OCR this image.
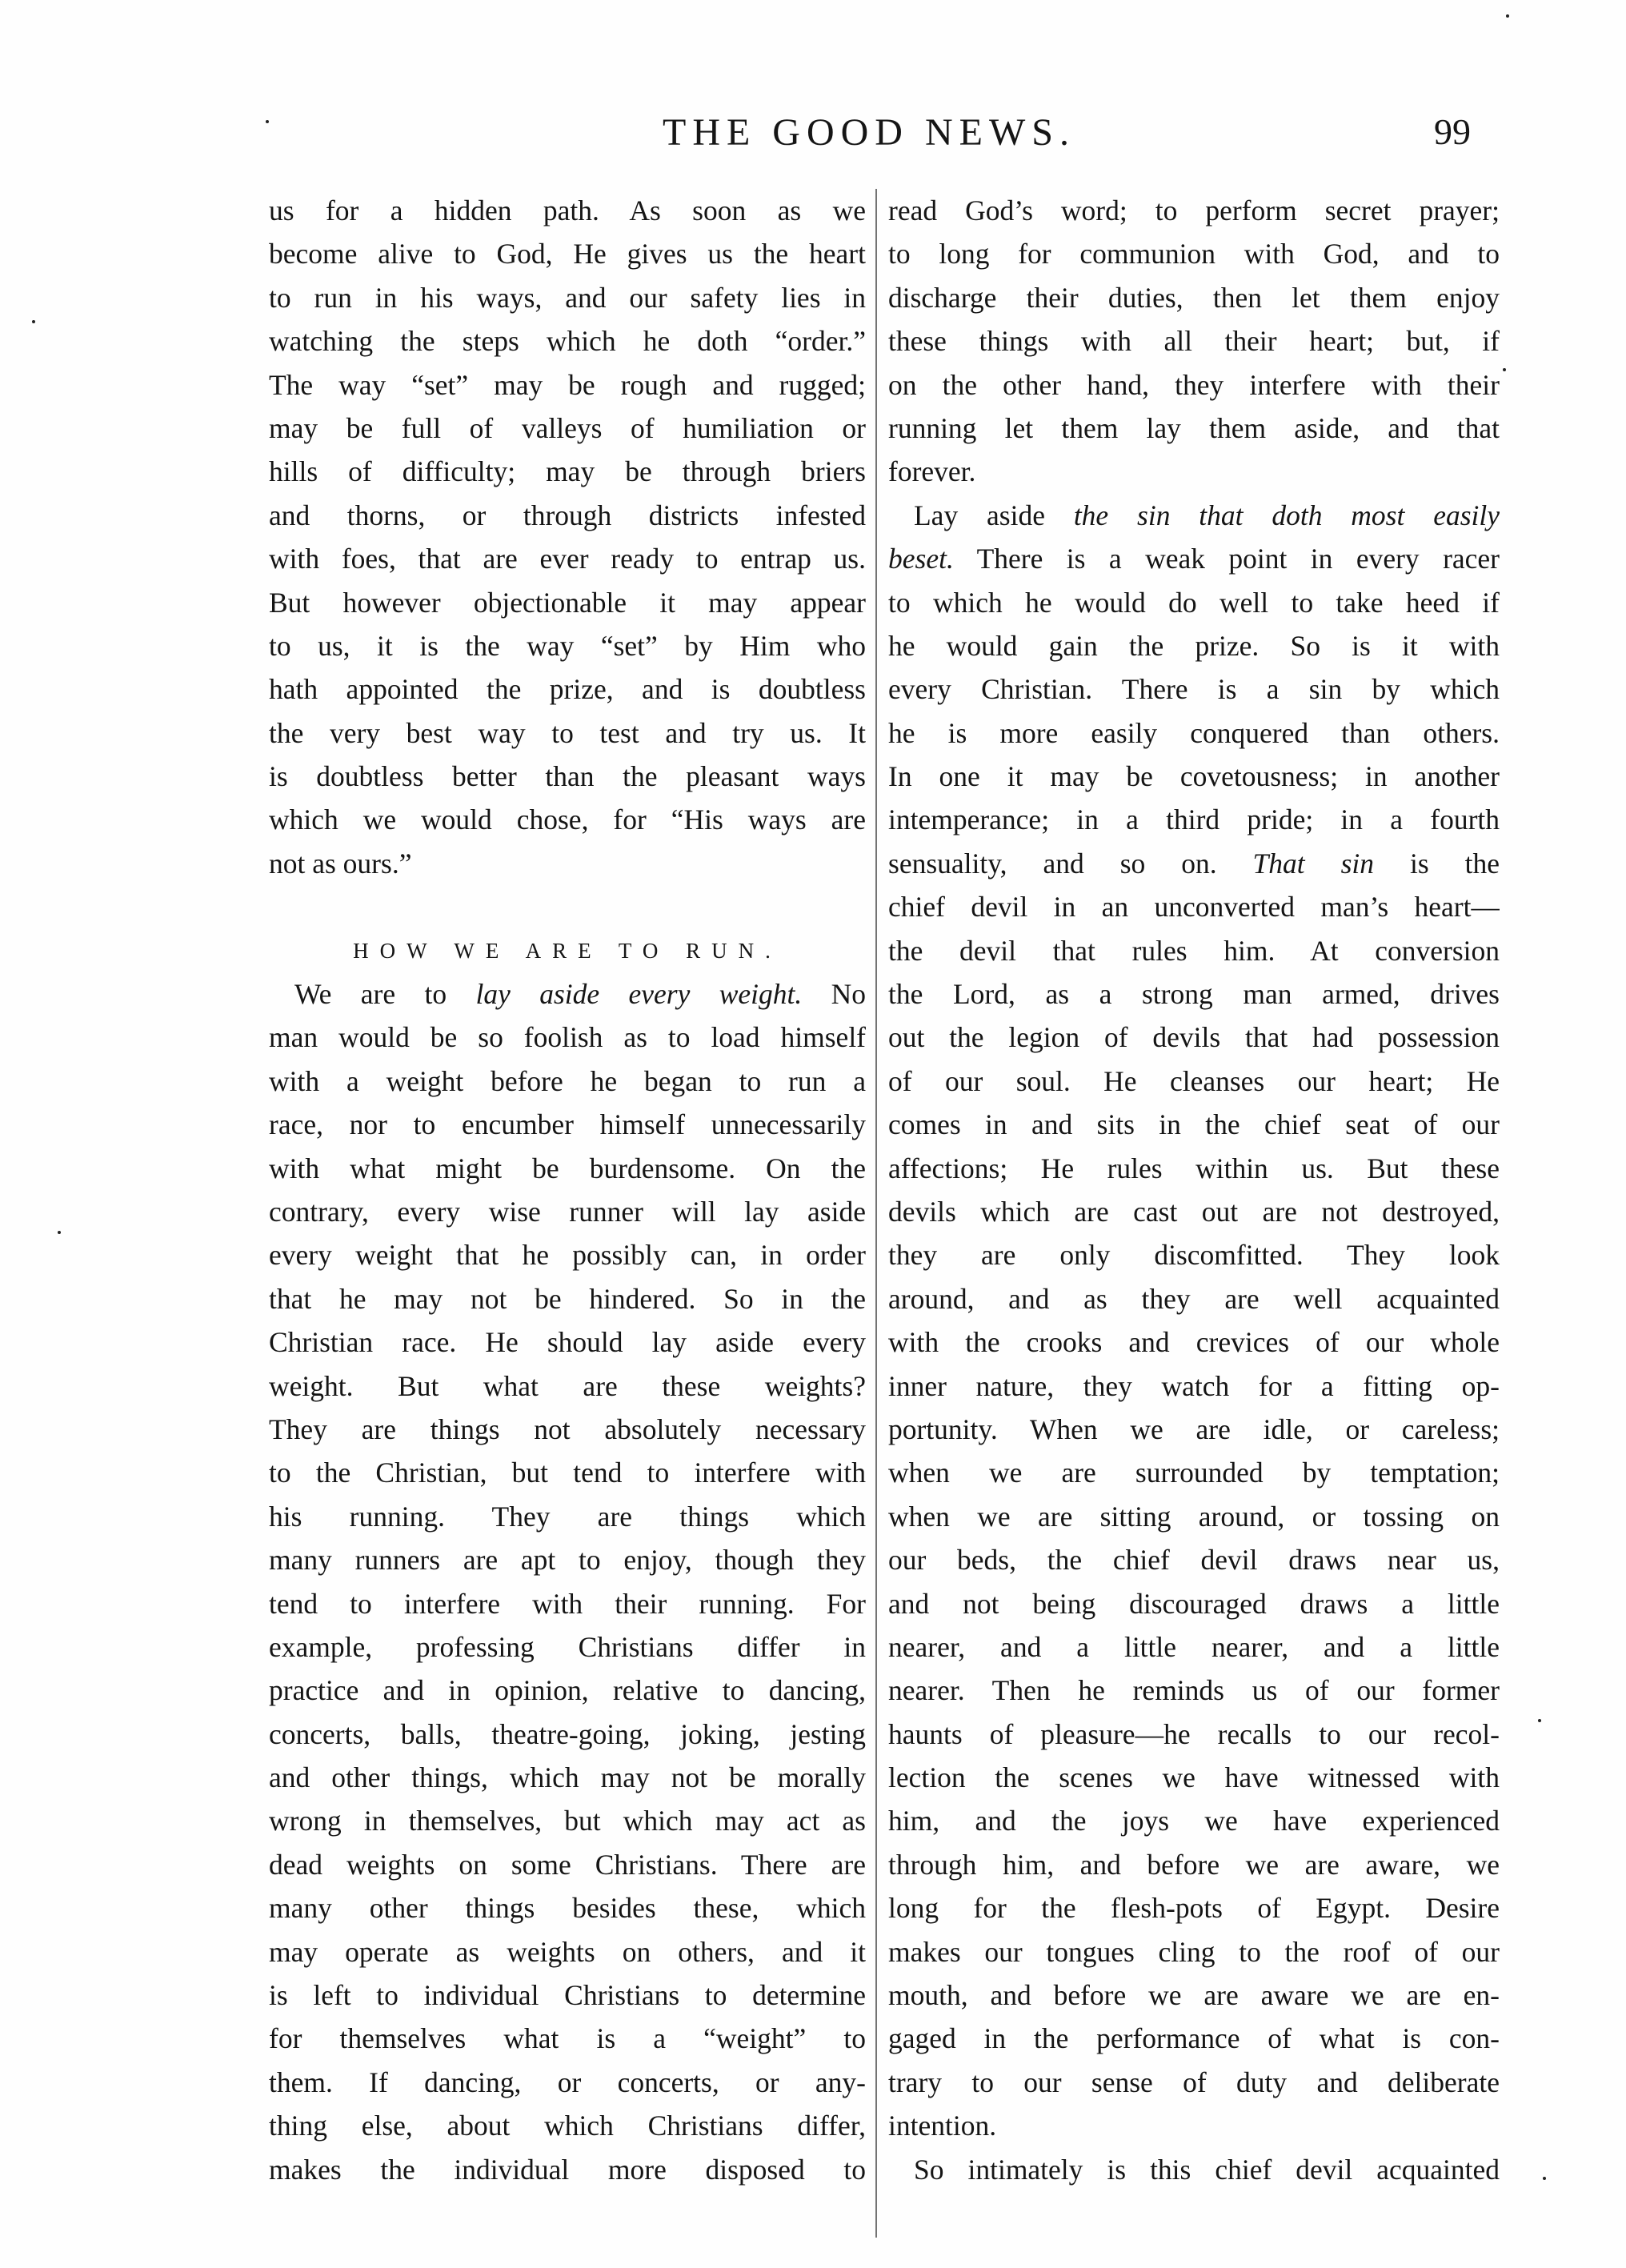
THE GOOD NEWS.	99
us for a hidden path. As soon as we
become alive to God, He gives us the heart
to run in his ways, and our safety lies in
watching the steps which he doth “order.”
The way “set” may be rough and rugged;
may be full of valleys of humiliation or
hills of difficulty; may be through briers
and thorns, or through districts infested
with foes, that are ever ready to entrap us.
But however objectionable it may appear
to us, it is the way “set” by Him who
hath appointed the prize, and is doubtless
the very best way to test and try us. It
is doubtless better than the pleasant ways
which we would chose, for “His ways are
not as ours.”
HOW WE ARE TO RUN.
We are to lay aside every weight. No
man would be so foolish as to load himself
with a weight before he began to run a
race, nor to encumber himself unnecessarily
with what might be burdensome. On the
contrary, every wise runner will lay aside
every weight that he possibly can, in order
that he may not be hindered. So in the
Christian race. He should lay aside every
weight. But what are these weights?
They are things not absolutely necessary
to the Christian, but tend to interfere with
his running. They are things which
many runners are apt to enjoy, though they
tend to interfere with their running. For
example, professing Christians differ in
practice and in opinion, relative to dancing,
concerts, balls, theatre-going, joking, jesting
and other things, which may not be morally
wrong in themselves, but which may act as
dead weights on some Christians. There are
many other things besides these, which
may operate as weights on others, and it
is left to individual Christians to determine
for themselves what is a “weight” to
them. If dancing, or concerts, or any-
thing else, about which Christians differ,
makes the individual more disposed to
read God’s word; to perform secret prayer;
to long for communion with God, and to
discharge their duties, then let them enjoy
these things with all their heart; but, if
on the other hand, they interfere with their
running let them lay them aside, and that
forever.
Lay aside the sin that doth most easily
beset. There is a weak point in every racer
to which he would do well to take heed if
he would gain the prize. So is it with
every Christian. There is a sin by which
he is more easily conquered than others.
In one it may be covetousness; in another
intemperance; in a third pride; in a fourth
sensuality, and so on. That sin is the
chief devil in an unconverted man’s heart—
the devil that rules him. At conversion
the Lord, as a strong man armed, drives
out the legion of devils that had possession
of our soul. He cleanses our heart; He
comes in and sits in the chief seat of our
affections; He rules within us. But these
devils which are cast out are not destroyed,
they are only discomfitted. They look
around, and as they are well acquainted
with the crooks and crevices of our whole
inner nature, they watch for a fitting op-
portunity. When we are idle, or careless;
when we are surrounded by temptation;
when we are sitting around, or tossing on
our beds, the chief devil draws near us,
and not being discouraged draws a little
nearer, and a little nearer, and a little
nearer. Then he reminds us of our former
haunts of pleasure—he recalls to our recol-
lection the scenes we have witnessed with
him, and the joys we have experienced
through him, and before we are aware, we
long for the flesh-pots of Egypt. Desire
makes our tongues cling to the roof of our
mouth, and before we are aware we are en-
gaged in the performance of what is con-
trary to our sense of duty and deliberate
intention.
So intimately is this chief devil acquainted
